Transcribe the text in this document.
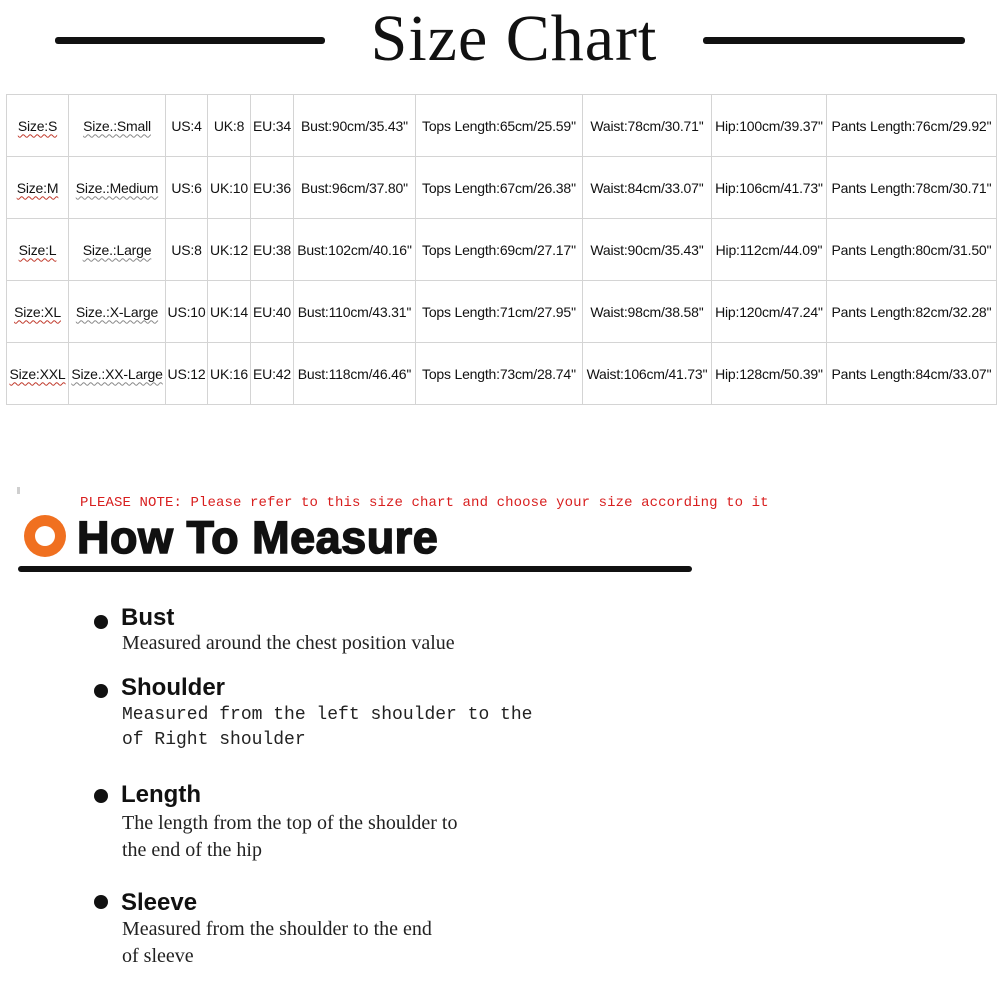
Size Chart
Size:S	Size.:Small	US:4	UK:8	EU:34	Bust:90cm/35.43''	Tops Length:65cm/25.59''	Waist:78cm/30.71''	Hip:100cm/39.37''	Pants Length:76cm/29.92''
Size:M	Size.:Medium	US:6	UK:10	EU:36	Bust:96cm/37.80''	Tops Length:67cm/26.38''	Waist:84cm/33.07''	Hip:106cm/41.73''	Pants Length:78cm/30.71''
Size:L	Size.:Large	US:8	UK:12	EU:38	Bust:102cm/40.16''	Tops Length:69cm/27.17''	Waist:90cm/35.43''	Hip:112cm/44.09''	Pants Length:80cm/31.50''
Size:XL	Size.:X-Large	US:10	UK:14	EU:40	Bust:110cm/43.31''	Tops Length:71cm/27.95''	Waist:98cm/38.58''	Hip:120cm/47.24''	Pants Length:82cm/32.28''
Size:XXL	Size.:XX-Large	US:12	UK:16	EU:42	Bust:118cm/46.46''	Tops Length:73cm/28.74''	Waist:106cm/41.73''	Hip:128cm/50.39''	Pants Length:84cm/33.07''
PLEASE NOTE: Please refer to this size chart and choose your size according to it
How To Measure
Bust
Measured around the chest position value
Shoulder
Measured from the left shoulder to the
of Right shoulder
Length
The length from the top of the shoulder to
the end of the hip
Sleeve
Measured from the shoulder to the end
of sleeve
